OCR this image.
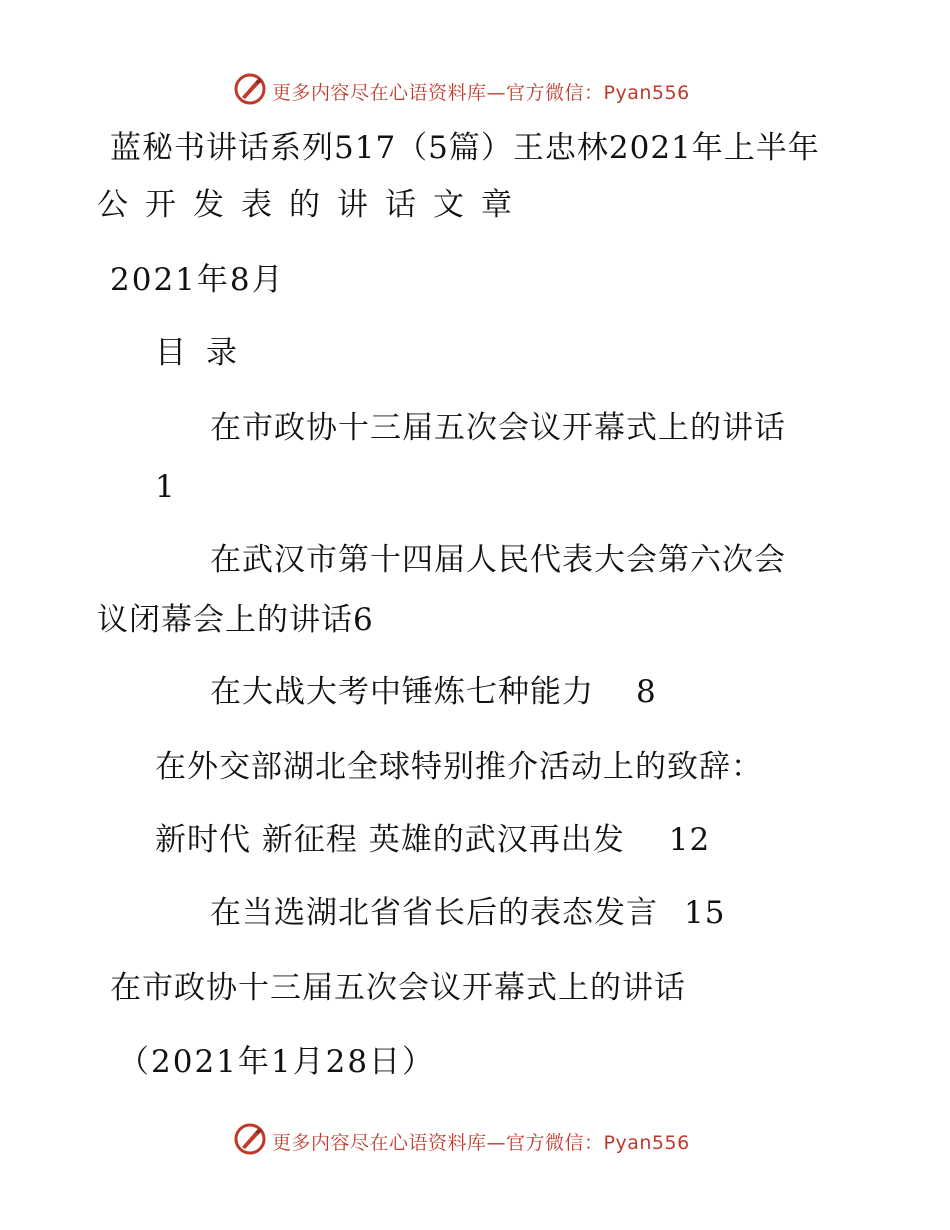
更多内容尽在心语资料库—官方微信：Pyan556
蓝秘书讲话系列517（5篇）王忠林2021年上半年
公开发表的讲话文章
2021年8月
目录
在市政协十三届五次会议开幕式上的讲话
1
在武汉市第十四届人民代表大会第六次会
议闭幕会上的讲话6
在大战大考中锤炼七种能力 8
在外交部湖北全球特别推介活动上的致辞：
新时代 新征程 英雄的武汉再出发 12
在当选湖北省省长后的表态发言 15
在市政协十三届五次会议开幕式上的讲话
（2021年1月28日）
更多内容尽在心语资料库—官方微信：Pyan556
